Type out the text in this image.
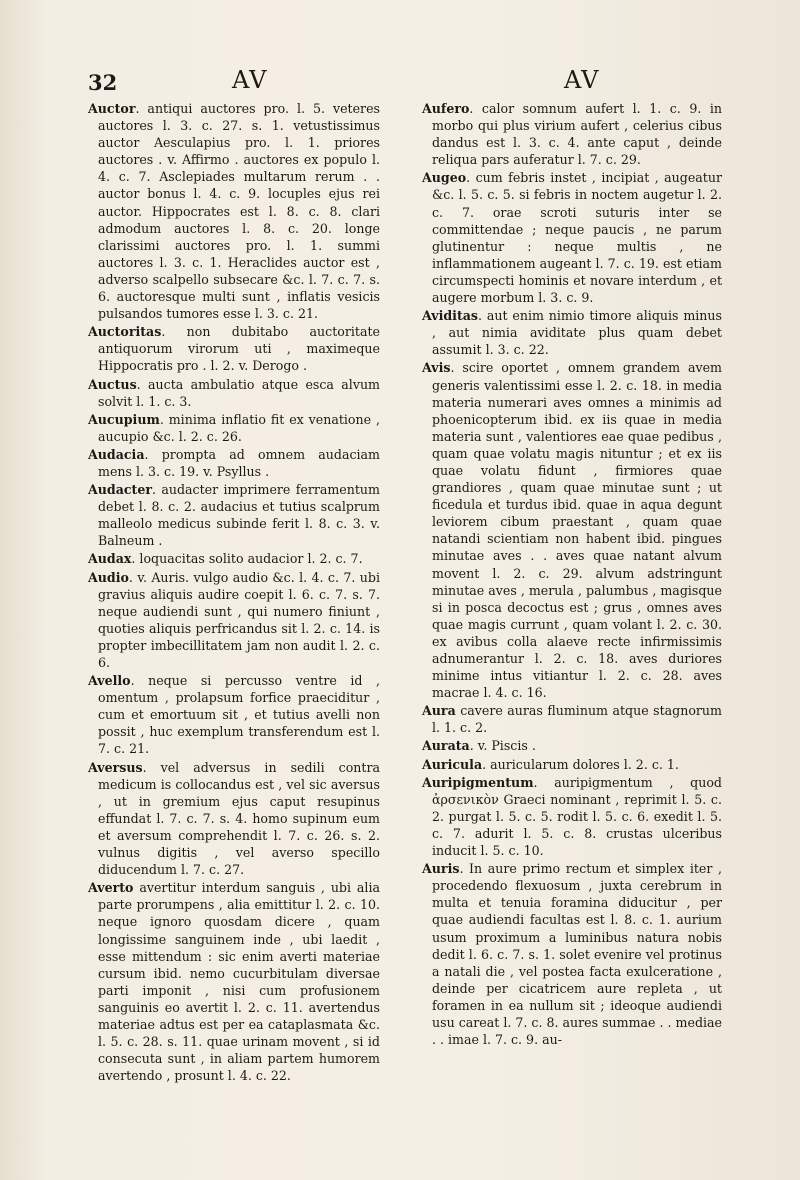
32	AV	AV

Auctor. antiqui auctores pro. l. 5. veteres auctores l. 3. c. 27. s. 1. vetustissimus auctor Aesculapius pro. l. 1. priores auctores . v. Affirmo . auctores ex populo l. 4. c. 7. Asclepiades multarum rerum . . auctor bonus l. 4. c. 9. locuples ejus rei auctor. Hippocrates est l. 8. c. 8. clari admodum auctores l. 8. c. 20. longe clarissimi auctores pro. l. 1. summi auctores l. 3. c. 1. Heraclides auctor est , adverso scalpello subsecare &c. l. 7. c. 7. s. 6. auctoresque multi sunt , inflatis vesicis pulsandos tumores esse l. 3. c. 21.

Auctoritas. non dubitabo auctoritate antiquorum virorum uti , maximeque Hippocratis pro . l. 2. v. Derogo .

Auctus. aucta ambulatio atque esca alvum solvit l. 1. c. 3.

Aucupium. minima inflatio fit ex venatione , aucupio &c. l. 2. c. 26.

Audacia. prompta ad omnem audaciam mens l. 3. c. 19. v. Psyllus .

Audacter. audacter imprimere ferramentum debet l. 8. c. 2. audacius et tutius scalprum malleolo medicus subinde ferit l. 8. c. 3. v. Balneum .

Audax. loquacitas solito audacior l. 2. c. 7.

Audio. v. Auris. vulgo audio &c. l. 4. c. 7. ubi gravius aliquis audire coepit l. 6. c. 7. s. 7. neque audiendi sunt , qui numero finiunt , quoties aliquis perfricandus sit l. 2. c. 14. is propter imbecillitatem jam non audit l. 2. c. 6.

Avello. neque si percusso ventre id , omentum , prolapsum forfice praeciditur , cum et emortuum sit , et tutius avelli non possit , huc exemplum transferendum est l. 7. c. 21.

Aversus. vel adversus in sedili contra medicum is collocandus est , vel sic aversus , ut in gremium ejus caput resupinus effundat l. 7. c. 7. s. 4. homo supinum eum et aversum comprehendit l. 7. c. 26. s. 2. vulnus digitis , vel averso specillo diducendum l. 7. c. 27.

Averto avertitur interdum sanguis , ubi alia parte prorumpens , alia emittitur l. 2. c. 10. neque ignoro quosdam dicere , quam longissime sanguinem inde , ubi laedit , esse mittendum : sic enim averti materiae cursum ibid. nemo cucurbitulam diversae parti imponit , nisi cum profusionem sanguinis eo avertit l. 2. c. 11. avertendus materiae adtus est per ea cataplasmata &c. l. 5. c. 28. s. 11. quae urinam movent , si id consecuta sunt , in aliam partem humorem avertendo , prosunt l. 4. c. 22.

Aufero. calor somnum aufert l. 1. c. 9. in morbo qui plus virium aufert , celerius cibus dandus est l. 3. c. 4. ante caput , deinde reliqua pars auferatur l. 7. c. 29.

Augeo. cum febris instet , incipiat , augeatur &c. l. 5. c. 5. si febris in noctem augetur l. 2. c. 7. orae scroti suturis inter se committendae ; neque paucis , ne parum glutinentur : neque multis , ne inflammationem augeant l. 7. c. 19. est etiam circumspecti hominis et novare interdum , et augere morbum l. 3. c. 9.

Aviditas. aut enim nimio timore aliquis minus , aut nimia aviditate plus quam debet assumit l. 3. c. 22.

Avis. scire oportet , omnem grandem avem generis valentissimi esse l. 2. c. 18. in media materia numerari aves omnes a minimis ad phoenicopterum ibid. ex iis quae in media materia sunt , valentiores eae quae pedibus , quam quae volatu magis nituntur ; et ex iis quae volatu fidunt , firmiores quae grandiores , quam quae minutae sunt ; ut ficedula et turdus ibid. quae in aqua degunt leviorem cibum praestant , quam quae natandi scientiam non habent ibid. pingues minutae aves . . aves quae natant alvum movent l. 2. c. 29. alvum adstringunt minutae aves , merula , palumbus , magisque si in posca decoctus est ; grus , omnes aves quae magis currunt , quam volant l. 2. c. 30. ex avibus colla alaeve recte infirmissimis adnumerantur l. 2. c. 18. aves duriores minime intus vitiantur l. 2. c. 28. aves macrae l. 4. c. 16.

Aura cavere auras fluminum atque stagnorum l. 1. c. 2.

Aurata. v. Piscis .

Auricula. auricularum dolores l. 2. c. 1.

Auripigmentum. auripigmentum , quod ἀρσενικὸν Graeci nominant , reprimit l. 5. c. 2. purgat l. 5. c. 5. rodit l. 5. c. 6. exedit l. 5. c. 7. adurit l. 5. c. 8. crustas ulceribus inducit l. 5. c. 10.

Auris. In aure primo rectum et simplex iter , procedendo flexuosum , juxta cerebrum in multa et tenuia foramina diducitur , per quae audiendi facultas est l. 8. c. 1. aurium usum proximum a luminibus natura nobis dedit l. 6. c. 7. s. 1. solet evenire vel protinus a natali die , vel postea facta exulceratione , deinde per cicatricem aure repleta , ut foramen in ea nullum sit ; ideoque audiendi usu careat l. 7. c. 8. aures summae . . mediae . . imae l. 7. c. 9. au-
